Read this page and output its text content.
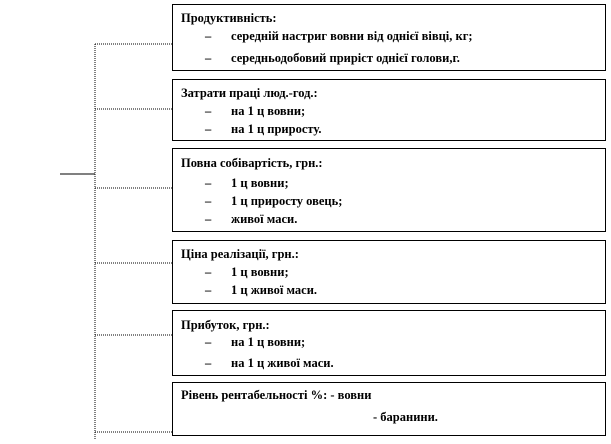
Продуктивність:
– середній настриг вовни від однієї вівці, кг;
– середньодобовий приріст однієї голови,г.
Затрати праці люд.-год.:
– на 1 ц вовни;
– на 1 ц приросту.
Повна собівартість, грн.:
– 1 ц вовни;
– 1 ц приросту овець;
– живої маси.
Ціна реалізації, грн.:
– 1 ц вовни;
– 1 ц живої маси.
Прибуток, грн.:
– на 1 ц вовни;
– на 1 ц живої маси.
Рівень рентабельності %: - вовни
- баранини.
